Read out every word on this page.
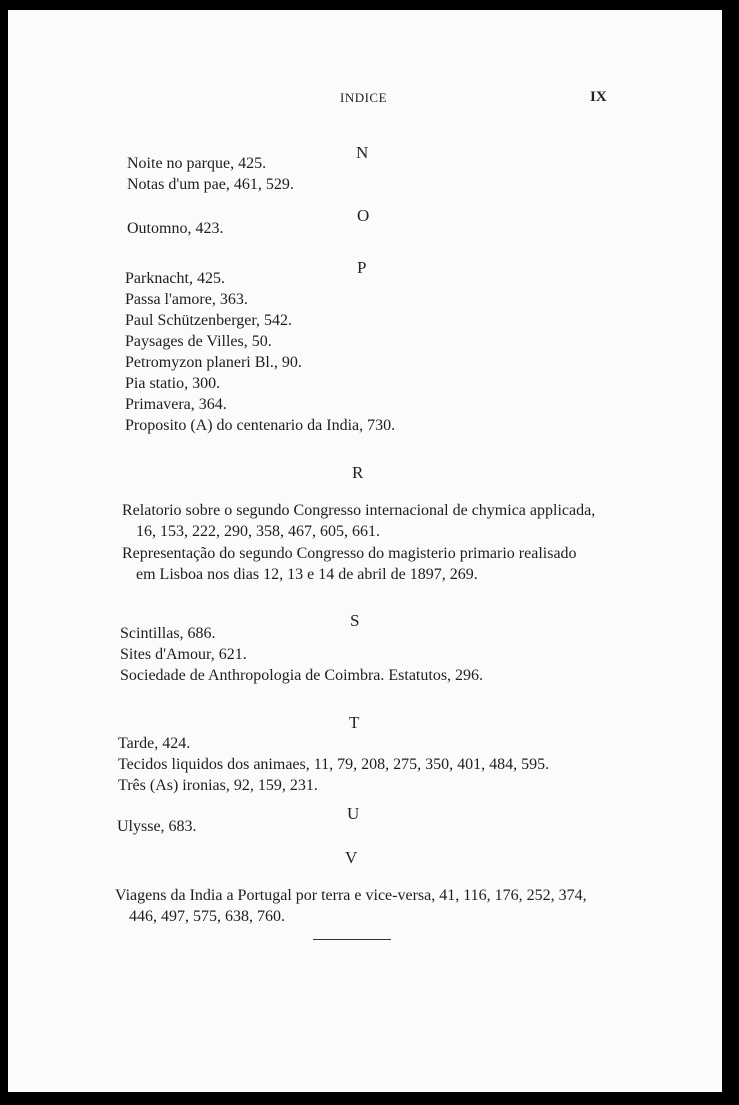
INDICE	IX
N
Noite no parque, 425.
Notas d'um pae, 461, 529.
O
Outomno, 423.
P
Parknacht, 425.
Passa l'amore, 363.
Paul Schützenberger, 542.
Paysages de Villes, 50.
Petromyzon planeri Bl., 90.
Pia statio, 300.
Primavera, 364.
Proposito (A) do centenario da India, 730.
R
Relatorio sobre o segundo Congresso internacional de chymica applicada,
16, 153, 222, 290, 358, 467, 605, 661.
Representação do segundo Congresso do magisterio primario realisado
em Lisboa nos dias 12, 13 e 14 de abril de 1897, 269.
S
Scintillas, 686.
Sites d'Amour, 621.
Sociedade de Anthropologia de Coimbra. Estatutos, 296.
T
Tarde, 424.
Tecidos liquidos dos animaes, 11, 79, 208, 275, 350, 401, 484, 595.
Três (As) ironias, 92, 159, 231.
U
Ulysse, 683.
V
Viagens da India a Portugal por terra e vice-versa, 41, 116, 176, 252, 374,
446, 497, 575, 638, 760.
